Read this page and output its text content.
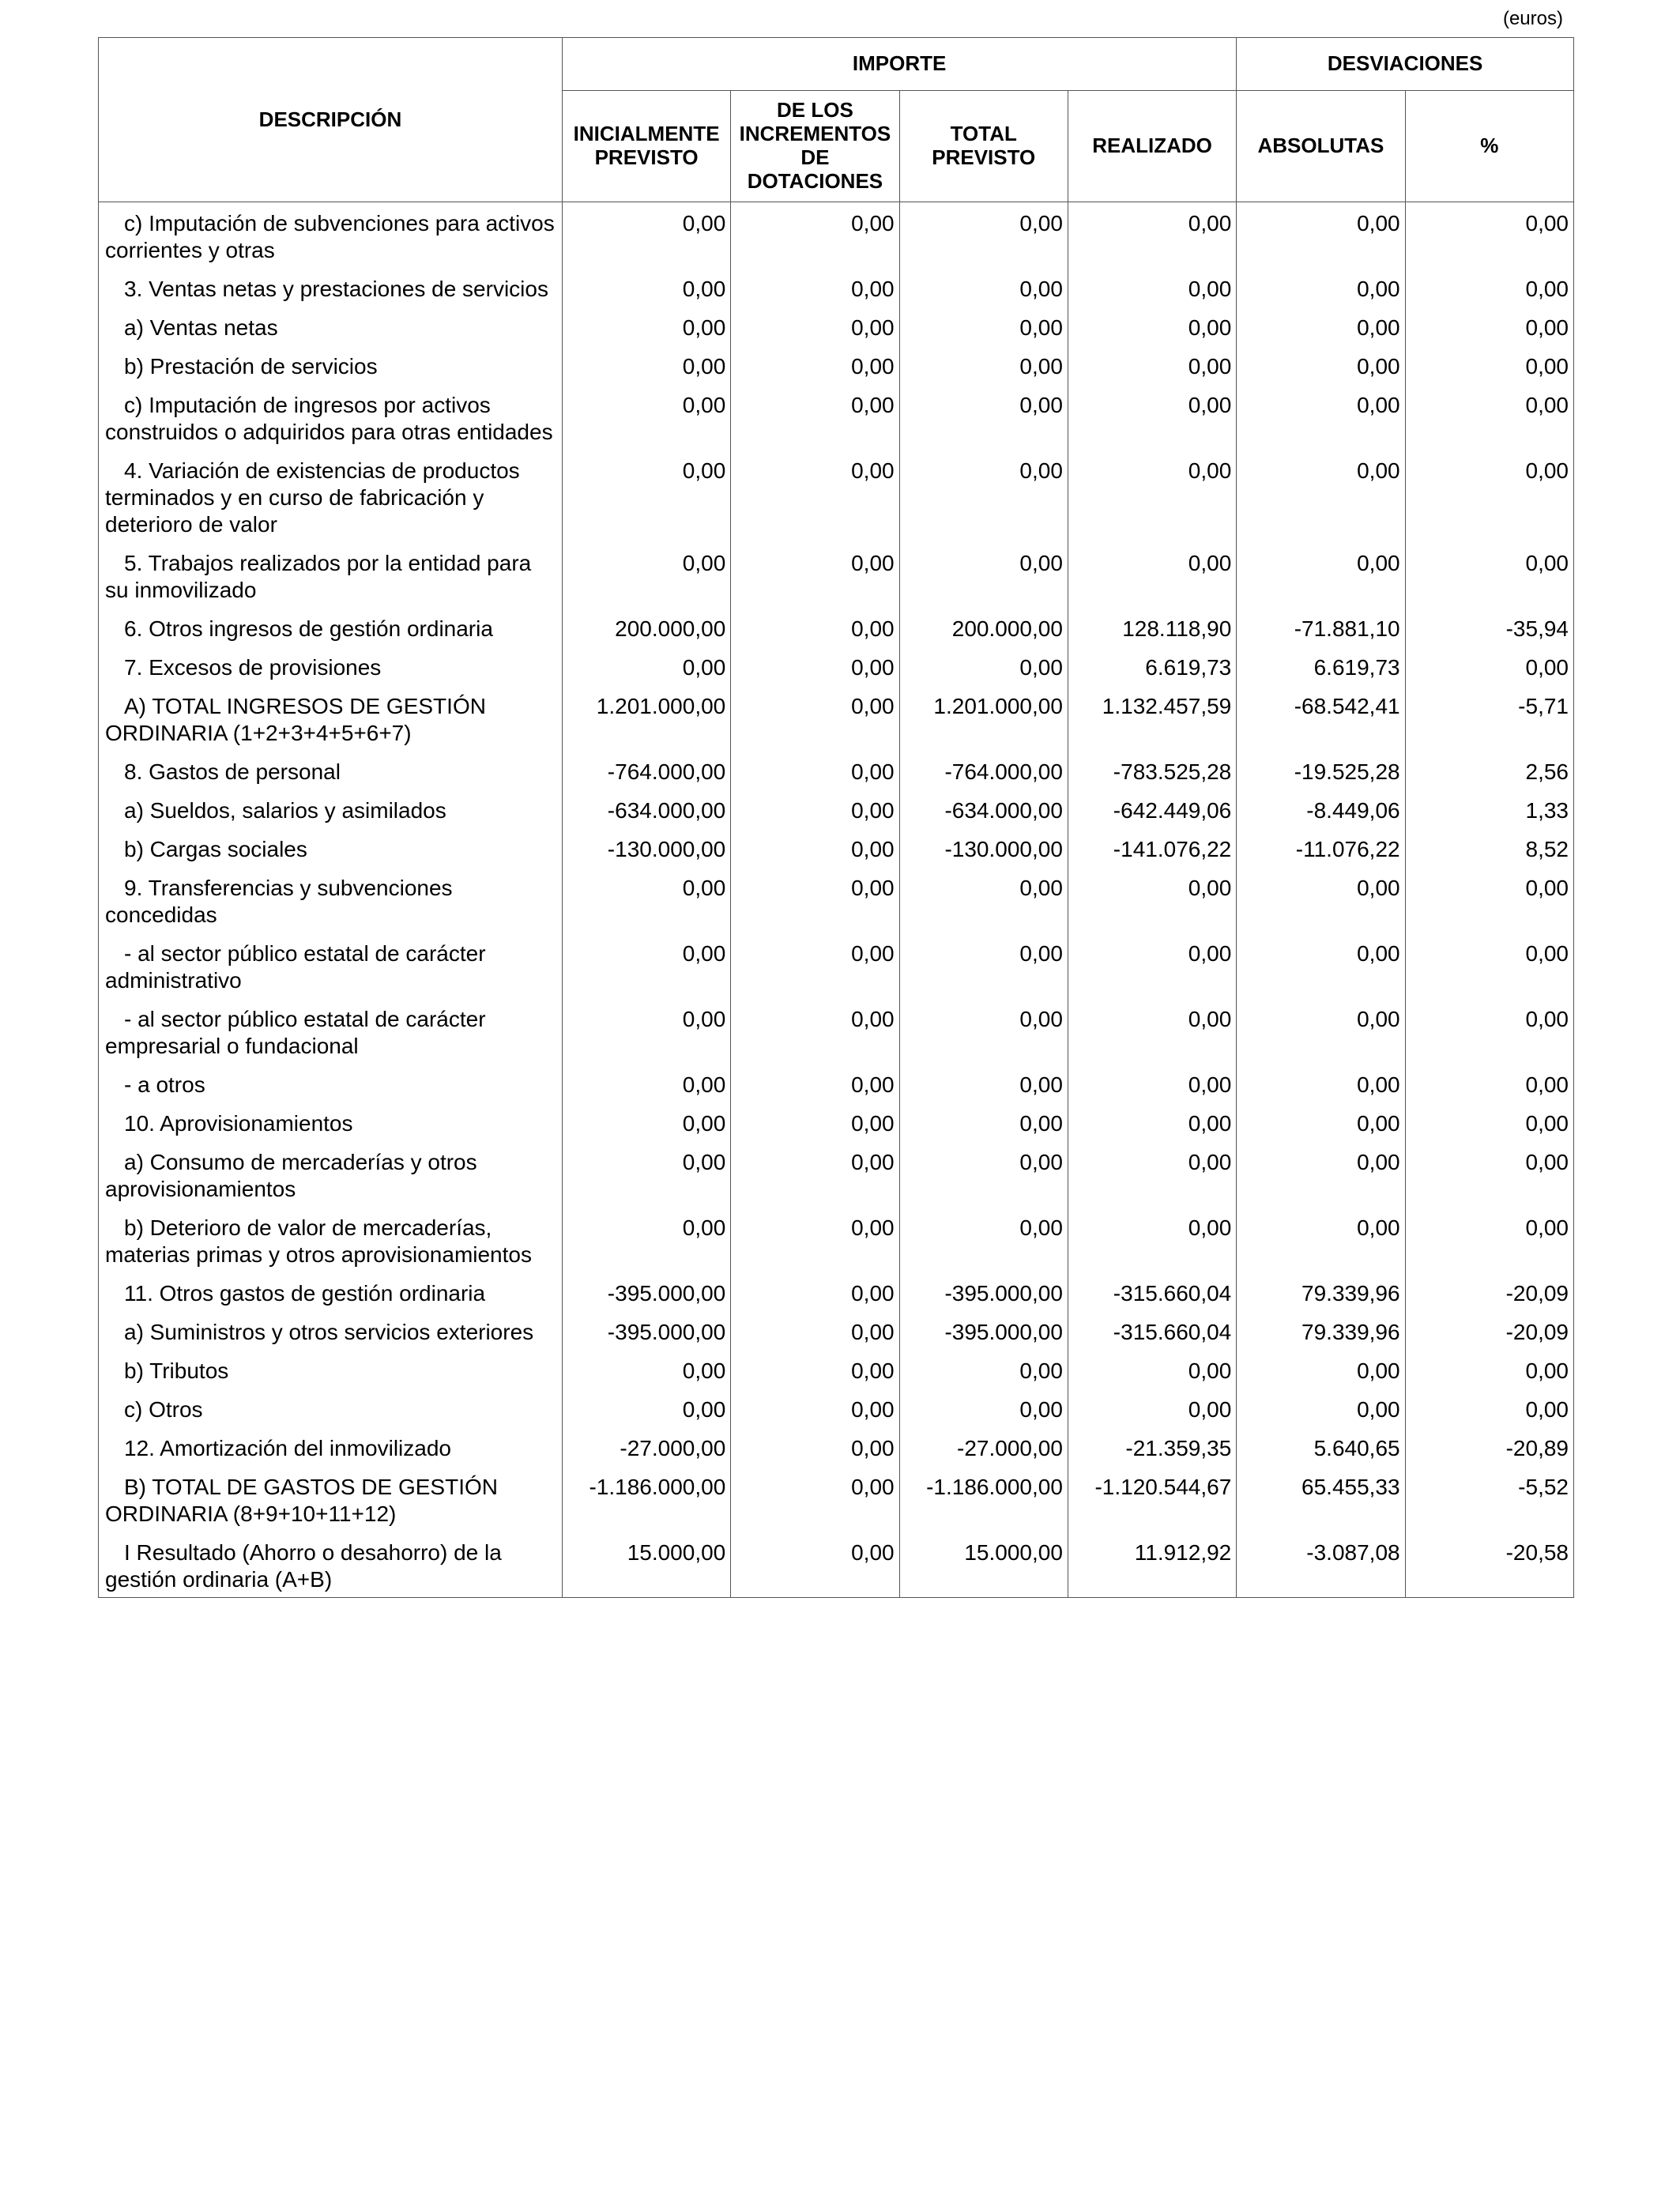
(euros)
DESCRIPCIÓN	IMPORTE				DESVIACIONES	
	INICIALMENTE PREVISTO	DE LOS INCREMENTOS DE DOTACIONES	TOTAL PREVISTO	REALIZADO	ABSOLUTAS	%
c) Imputación de subvenciones para activos corrientes y otras	0,00	0,00	0,00	0,00	0,00	0,00
3. Ventas netas y prestaciones de servicios	0,00	0,00	0,00	0,00	0,00	0,00
a) Ventas netas	0,00	0,00	0,00	0,00	0,00	0,00
b) Prestación de servicios	0,00	0,00	0,00	0,00	0,00	0,00
c) Imputación de ingresos por activos construidos o adquiridos para otras entidades	0,00	0,00	0,00	0,00	0,00	0,00
4. Variación de existencias de productos terminados y en curso de fabricación y deterioro de valor	0,00	0,00	0,00	0,00	0,00	0,00
5. Trabajos realizados por la entidad para su inmovilizado	0,00	0,00	0,00	0,00	0,00	0,00
6. Otros ingresos de gestión ordinaria	200.000,00	0,00	200.000,00	128.118,90	-71.881,10	-35,94
7. Excesos de provisiones	0,00	0,00	0,00	6.619,73	6.619,73	0,00
A) TOTAL INGRESOS DE GESTIÓN ORDINARIA (1+2+3+4+5+6+7)	1.201.000,00	0,00	1.201.000,00	1.132.457,59	-68.542,41	-5,71
8. Gastos de personal	-764.000,00	0,00	-764.000,00	-783.525,28	-19.525,28	2,56
a) Sueldos, salarios y asimilados	-634.000,00	0,00	-634.000,00	-642.449,06	-8.449,06	1,33
b) Cargas sociales	-130.000,00	0,00	-130.000,00	-141.076,22	-11.076,22	8,52
9. Transferencias y subvenciones concedidas	0,00	0,00	0,00	0,00	0,00	0,00
- al sector público estatal de carácter administrativo	0,00	0,00	0,00	0,00	0,00	0,00
- al sector público estatal de carácter empresarial o fundacional	0,00	0,00	0,00	0,00	0,00	0,00
- a otros	0,00	0,00	0,00	0,00	0,00	0,00
10. Aprovisionamientos	0,00	0,00	0,00	0,00	0,00	0,00
a) Consumo de mercaderías y otros aprovisionamientos	0,00	0,00	0,00	0,00	0,00	0,00
b) Deterioro de valor de mercaderías, materias primas y otros aprovisionamientos	0,00	0,00	0,00	0,00	0,00	0,00
11. Otros gastos de gestión ordinaria	-395.000,00	0,00	-395.000,00	-315.660,04	79.339,96	-20,09
a) Suministros y otros servicios exteriores	-395.000,00	0,00	-395.000,00	-315.660,04	79.339,96	-20,09
b) Tributos	0,00	0,00	0,00	0,00	0,00	0,00
c) Otros	0,00	0,00	0,00	0,00	0,00	0,00
12. Amortización del inmovilizado	-27.000,00	0,00	-27.000,00	-21.359,35	5.640,65	-20,89
B) TOTAL DE GASTOS DE GESTIÓN ORDINARIA (8+9+10+11+12)	-1.186.000,00	0,00	-1.186.000,00	-1.120.544,67	65.455,33	-5,52
I Resultado (Ahorro o desahorro) de la gestión ordinaria (A+B)	15.000,00	0,00	15.000,00	11.912,92	-3.087,08	-20,58
